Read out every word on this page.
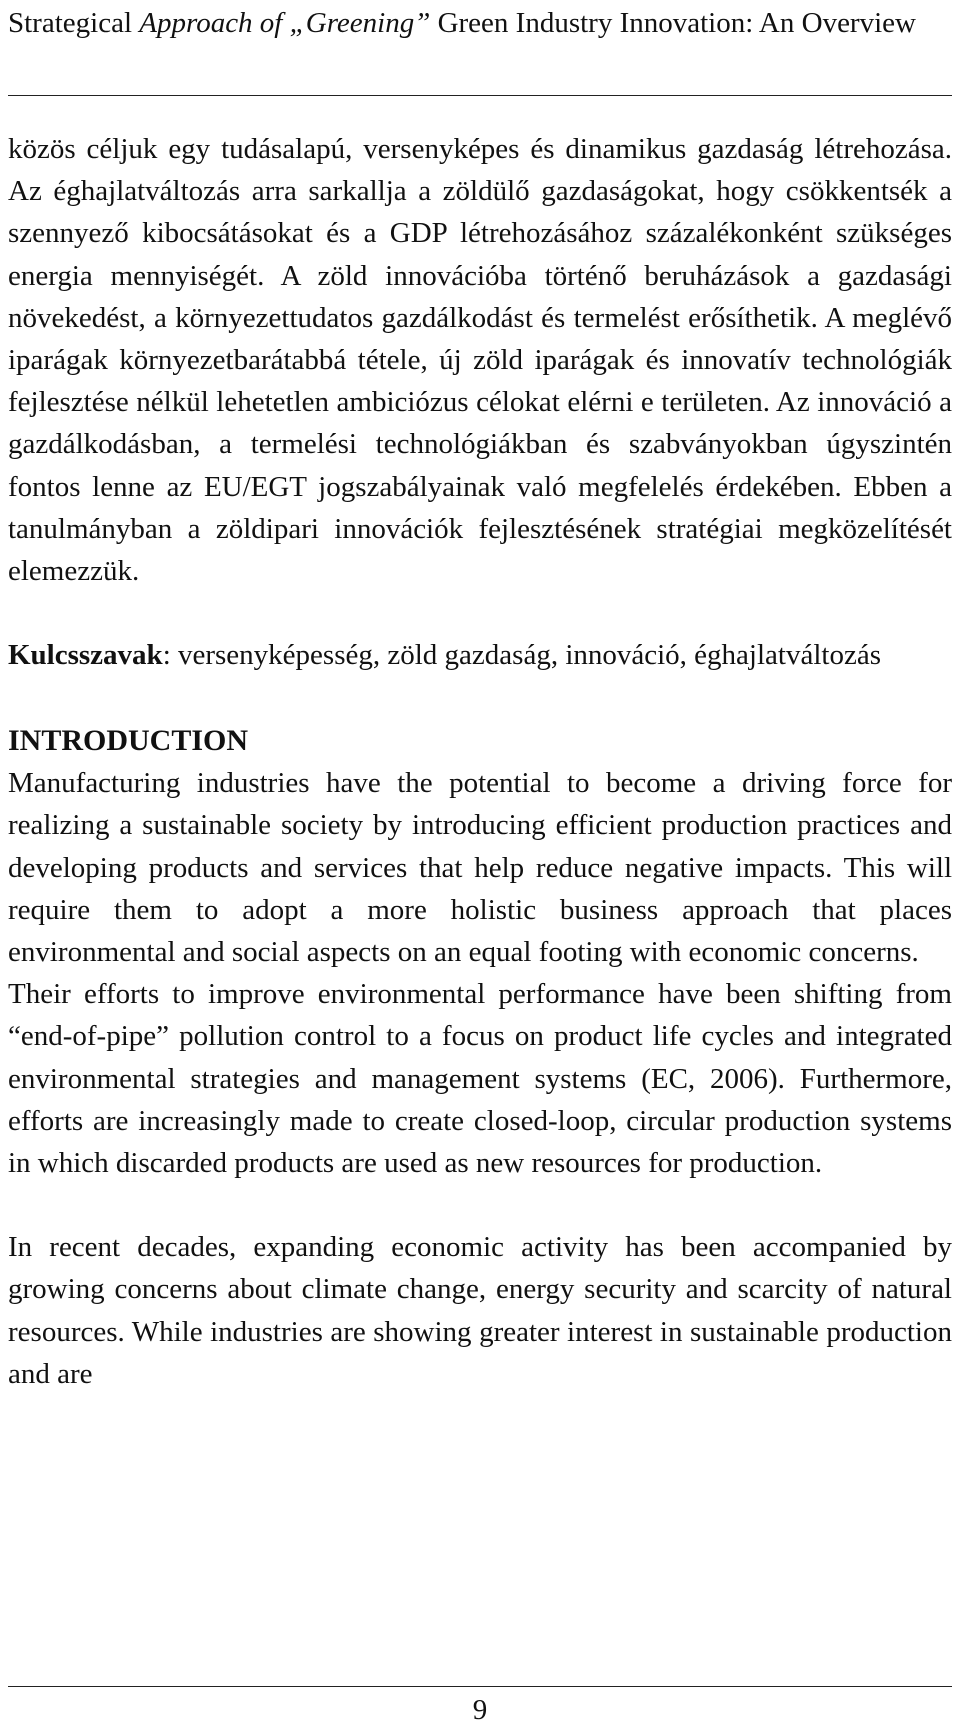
Strategical Approach of „Greening” Green Industry Innovation: An Overview

közös céljuk egy tudásalapú, versenyképes és dinamikus gazdaság létrehozása. Az éghajlatváltozás arra sarkallja a zöldülő gazdaságokat, hogy csökkentsék a szennyező kibocsátásokat és a GDP létrehozásához százalékonként szükséges energia mennyiségét. A zöld innovációba történő beruházások a gazdasági növekedést, a környezettudatos gazdálkodást és termelést erősíthetik. A meglévő iparágak környezetbarátabbá tétele, új zöld iparágak és innovatív technológiák fejlesztése nélkül lehetetlen ambiciózus célokat elérni e területen. Az innováció a gazdálkodásban, a termelési technológiákban és szabványokban úgyszintén fontos lenne az EU/EGT jogszabályainak való megfelelés érdekében. Ebben a tanulmányban a zöldipari innovációk fejlesztésének stratégiai megközelítését elemezzük.

Kulcsszavak: versenyképesség, zöld gazdaság, innováció, éghajlatváltozás

INTRODUCTION

Manufacturing industries have the potential to become a driving force for realizing a sustainable society by introducing efficient production practices and developing products and services that help reduce negative impacts. This will require them to adopt a more holistic business approach that places environmental and social aspects on an equal footing with economic concerns.

Their efforts to improve environmental performance have been shifting from “end-of-pipe” pollution control to a focus on product life cycles and integrated environmental strategies and management systems (EC, 2006). Furthermore, efforts are increasingly made to create closed-loop, circular production systems in which discarded products are used as new resources for production.

In recent decades, expanding economic activity has been accompanied by growing concerns about climate change, energy security and scarcity of natural resources. While industries are showing greater interest in sustainable production and are

9
